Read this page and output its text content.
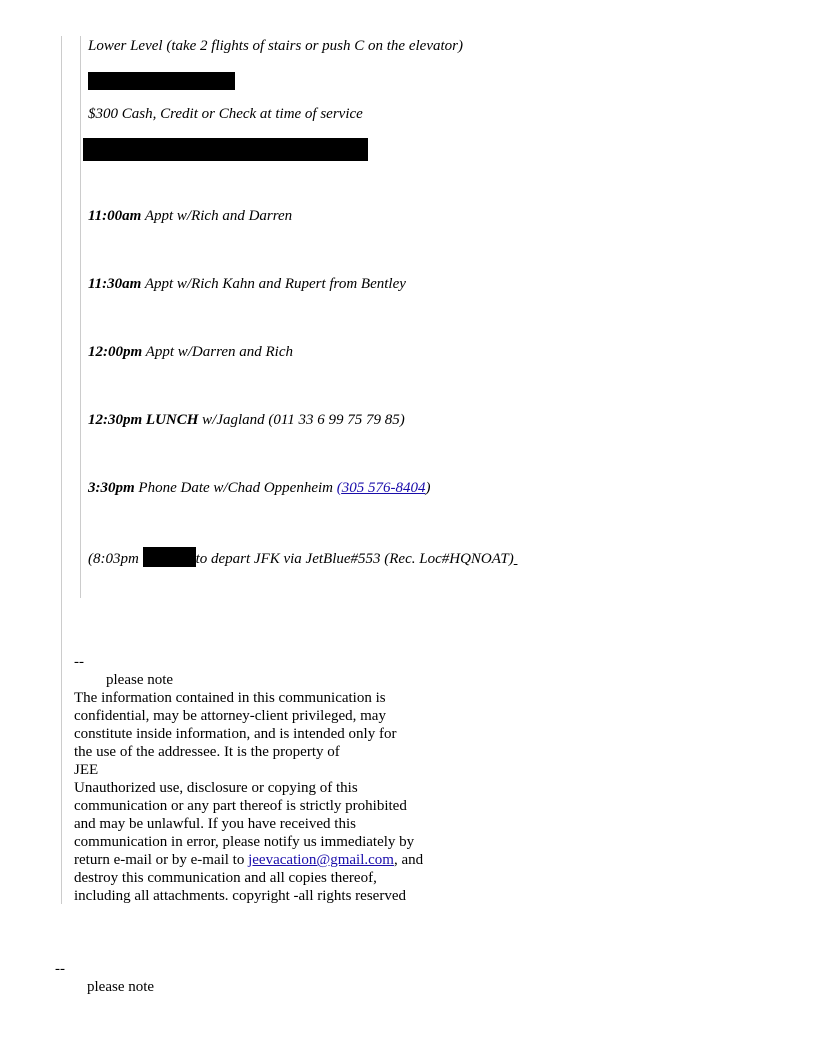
Lower Level (take 2 flights of stairs or push C on the elevator)
$300 Cash, Credit or Check at time of service
11:00am Appt w/Rich and Darren
11:30am Appt w/Rich Kahn and Rupert from Bentley
12:00pm Appt w/Darren and Rich
12:30pm LUNCH w/Jagland (011 33 6 99 75 79 85)
3:30pm Phone Date w/Chad Oppenheim (305 576-8404)
(8:03pm	to depart JFK via JetBlue#553 (Rec. Loc#HQNOAT)
--
please note
The information contained in this communication is
confidential, may be attorney-client privileged, may
constitute inside information, and is intended only for
the use of the addressee. It is the property of
JEE
Unauthorized use, disclosure or copying of this
communication or any part thereof is strictly prohibited
and may be unlawful. If you have received this
communication in error, please notify us immediately by
return e-mail or by e-mail to jeevacation@gmail.com, and
destroy this communication and all copies thereof,
including all attachments. copyright -all rights reserved
--
please note
